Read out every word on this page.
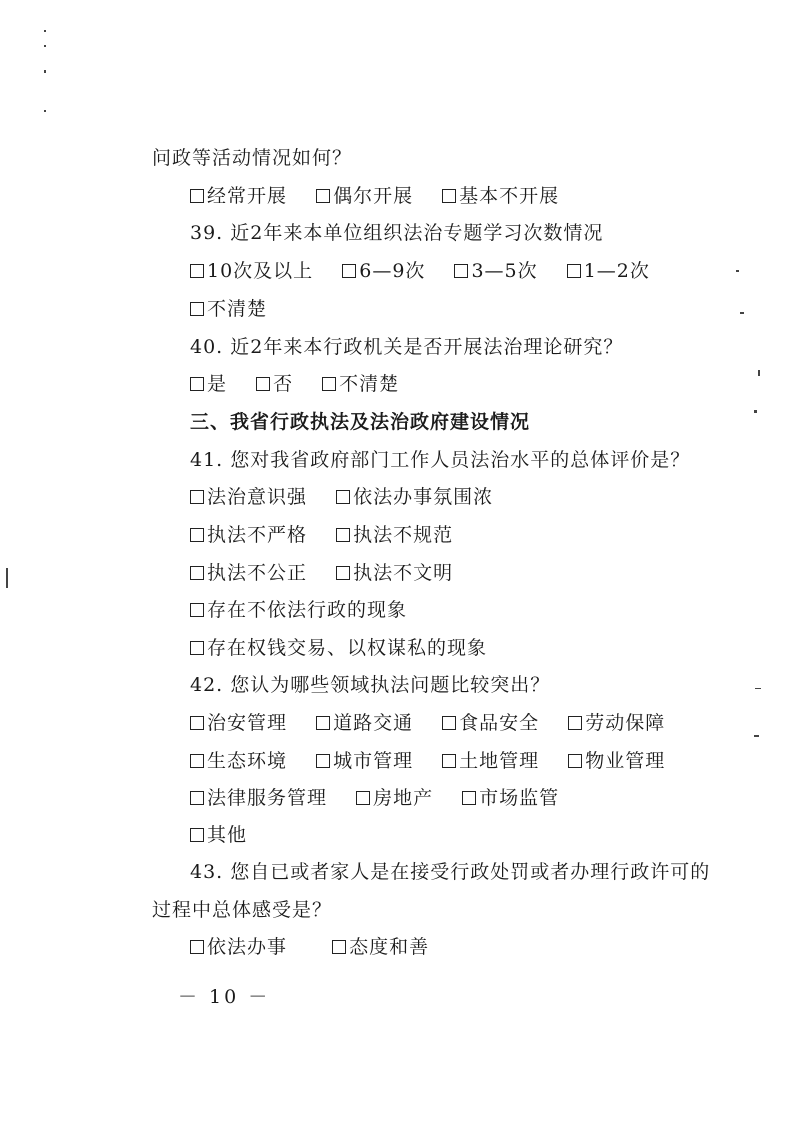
问政等活动情况如何？
经常开展
偶尔开展
基本不开展
39. 近2年来本单位组织法治专题学习次数情况
10次及以上
6—9次
3—5次
1—2次
不清楚
40. 近2年来本行政机关是否开展法治理论研究？
是
否
不清楚
三、我省行政执法及法治政府建设情况
41. 您对我省政府部门工作人员法治水平的总体评价是？
法治意识强
依法办事氛围浓
执法不严格
执法不规范
执法不公正
执法不文明
存在不依法行政的现象
存在权钱交易、以权谋私的现象
42. 您认为哪些领域执法问题比较突出？
治安管理
道路交通
食品安全
劳动保障
生态环境
城市管理
土地管理
物业管理
法律服务管理
房地产
市场监管
其他
43. 您自已或者家人是在接受行政处罚或者办理行政许可的
过程中总体感受是？
依法办事
	态度和善
－ 10 －
